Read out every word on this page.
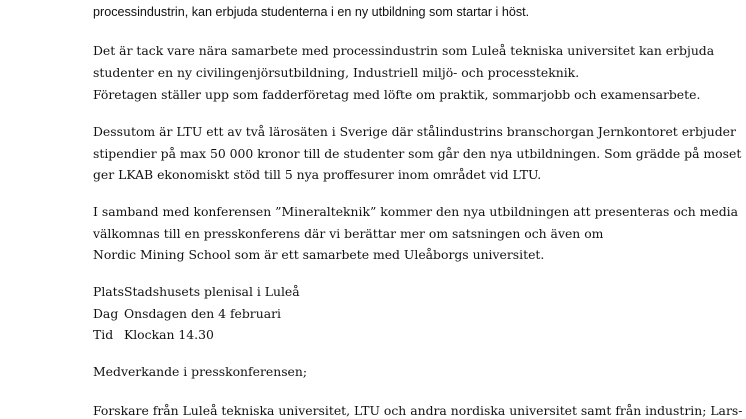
processindustrin, kan erbjuda studenterna i en ny utbildning som startar i höst.
Det är tack vare nära samarbete med processindustrin som Luleå tekniska universitet kan erbjuda
studenter en ny civilingenjörsutbildning, Industriell miljö- och processteknik.
Företagen ställer upp som fadderföretag med löfte om praktik, sommarjobb och examensarbete.
Dessutom är LTU ett av två lärosäten i Sverige där stålindustrins branschorgan Jernkontoret erbjuder
stipendier på max 50 000 kronor till de studenter som går den nya utbildningen. Som grädde på moset
ger LKAB ekonomiskt stöd till 5 nya proffesurer inom området vid LTU.
I samband med konferensen ”Mineralteknik” kommer den nya utbildningen att presenteras och media
välkomnas till en presskonferens där vi berättar mer om satsningen och även om
Nordic Mining School som är ett samarbete med Uleåborgs universitet.
Plats Stadshusets plenisal i Luleå
Dag Onsdagen den 4 februari
Tid Klockan 14.30
Medverkande i presskonferensen;
Forskare från Luleå tekniska universitet, LTU och andra nordiska universitet samt från industrin; Lars-
